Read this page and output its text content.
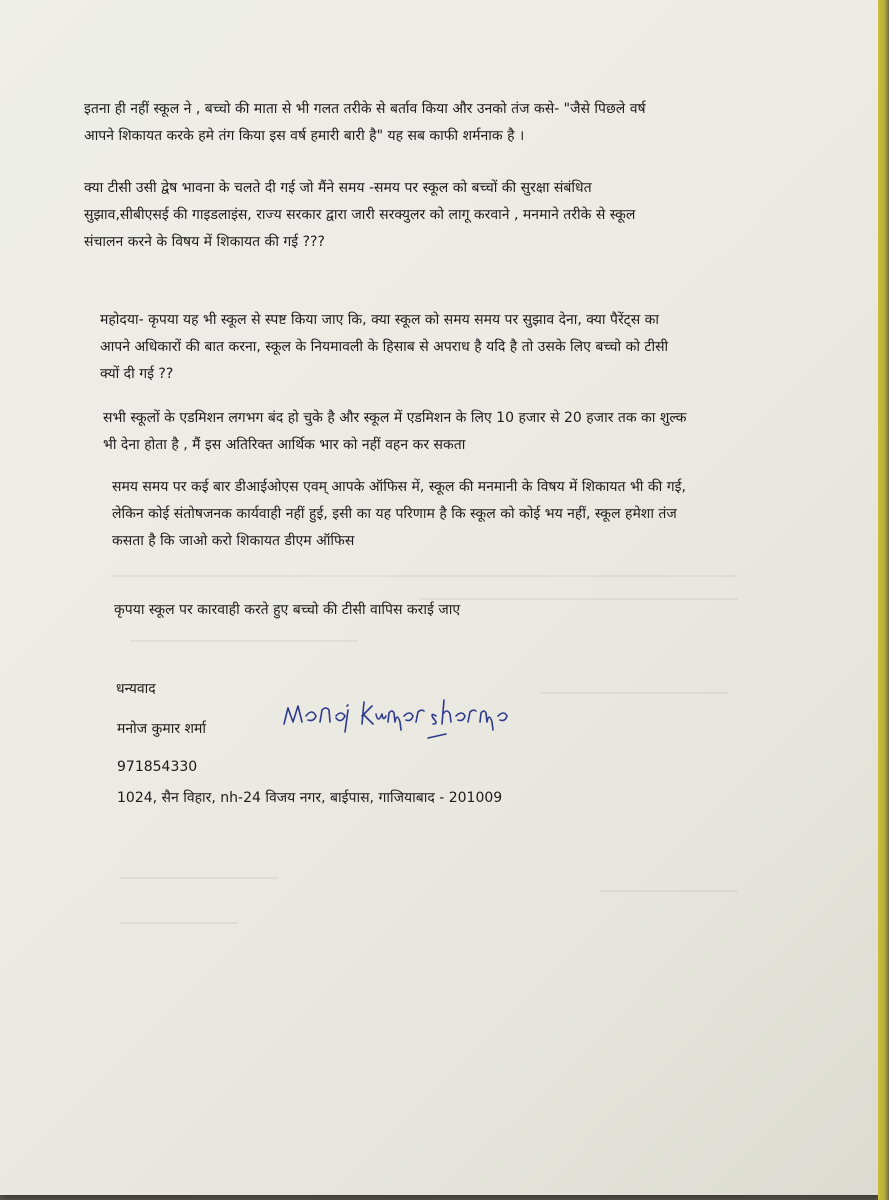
इतना ही नहीं स्कूल ने , बच्चो की माता से भी गलत तरीके से बर्ताव किया और उनको तंज कसे- "जैसे पिछले वर्ष
आपने शिकायत करके हमे तंग किया इस वर्ष हमारी बारी है" यह सब काफी शर्मनाक है ।
क्या टीसी उसी द्वेष भावना के चलते दी गई जो मैंने समय -समय पर स्कूल को बच्चों की सुरक्षा संबंधित
सुझाव,सीबीएसई की गाइडलाइंस, राज्य सरकार द्वारा जारी सरक्युलर को लागू करवाने , मनमाने तरीके से स्कूल
संचालन करने के विषय में शिकायत की गई ???
महोदया- कृपया यह भी स्कूल से स्पष्ट किया जाए कि, क्या स्कूल को समय समय पर सुझाव देना, क्या पैरेंट्स का
आपने अधिकारों की बात करना, स्कूल के नियमावली के हिसाब से अपराध है यदि है तो उसके लिए बच्चो को टीसी
क्यों दी गई ??
सभी स्कूलों के एडमिशन लगभग बंद हो चुके है और स्कूल में एडमिशन के लिए 10 हजार से 20 हजार तक का शुल्क
भी देना होता है , मैं इस अतिरिक्त आर्थिक भार को नहीं वहन कर सकता
समय समय पर कई बार डीआईओएस एवम् आपके ऑफिस में, स्कूल की मनमानी के विषय में शिकायत भी की गई,
लेकिन कोई संतोषजनक कार्यवाही नहीं हुई, इसी का यह परिणाम है कि स्कूल को कोई भय नहीं, स्कूल हमेशा तंज
कसता है कि जाओ करो शिकायत डीएम ऑफिस
कृपया स्कूल पर कारवाही करते हुए बच्चो की टीसी वापिस कराई जाए
धन्यवाद
मनोज कुमार शर्मा
971854330
1024, सैन विहार, nh-24 विजय नगर, बाईपास, गाजियाबाद - 201009
